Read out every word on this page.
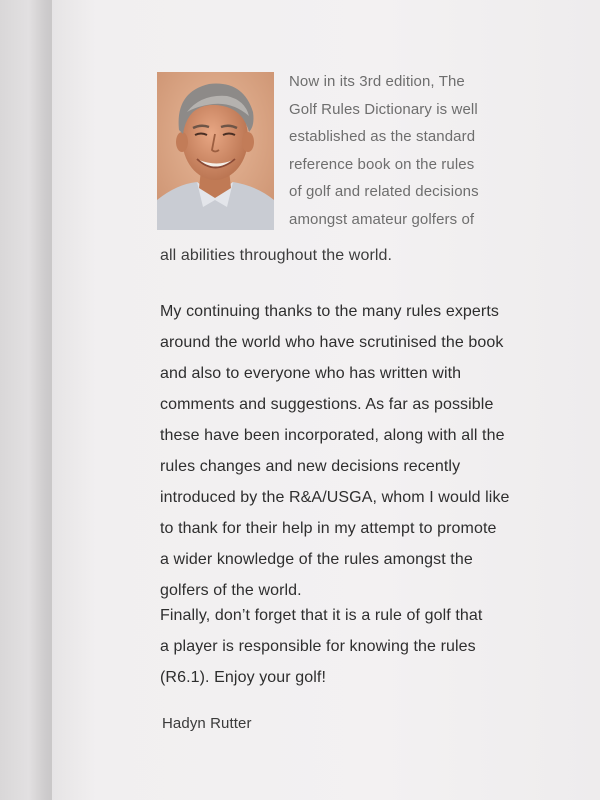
Now in its 3rd edition, The
Golf Rules Dictionary is well
established as the standard
reference book on the rules
of golf and related decisions
amongst amateur golfers of
all abilities throughout the world.
My continuing thanks to the many rules experts
around the world who have scrutinised the book
and also to everyone who has written with
comments and suggestions. As far as possible
these have been incorporated, along with all the
rules changes and new decisions recently
introduced by the R&A/USGA, whom I would like
to thank for their help in my attempt to promote
a wider knowledge of the rules amongst the
golfers of the world.
Finally, don’t forget that it is a rule of golf that
a player is responsible for knowing the rules
(R6.1). Enjoy your golf!
Hadyn Rutter
